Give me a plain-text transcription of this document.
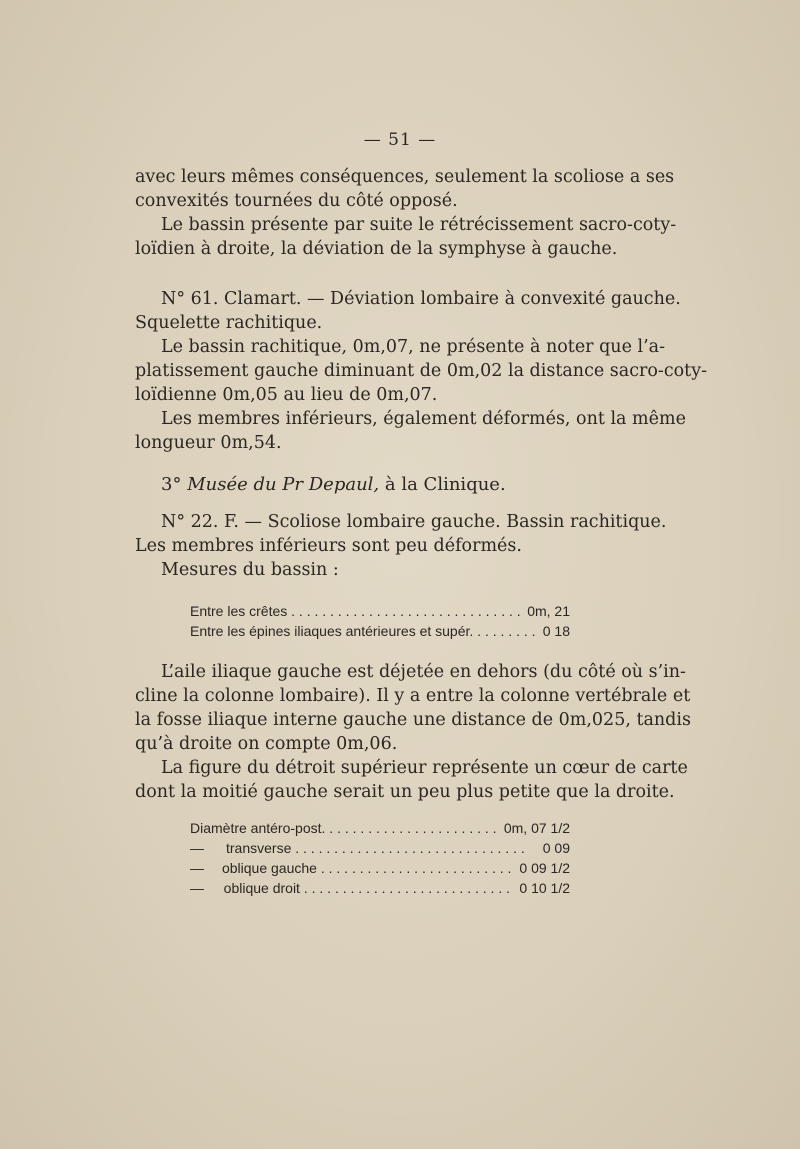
— 51 —
avec leurs mêmes conséquences, seulement la scoliose a ses
convexités tournées du côté opposé.
Le bassin présente par suite le rétrécissement sacro-coty-
loïdien à droite, la déviation de la symphyse à gauche.
N° 61. Clamart. — Déviation lombaire à convexité gauche.
Squelette rachitique.
Le bassin rachitique, 0m,07, ne présente à noter que l’a-
platissement gauche diminuant de 0m,02 la distance sacro-coty-
loïdienne 0m,05 au lieu de 0m,07.
Les membres inférieurs, également déformés, ont la même
longueur 0m,54.
3° Musée du Pr Depaul, à la Clinique.
N° 22. F. — Scoliose lombaire gauche. Bassin rachitique.
Les membres inférieurs sont peu déformés.
Mesures du bassin :
Entre les crêtes . . .	0m, 21
Entre les épines iliaques antérieures et supér. . . .	0 18
L’aile iliaque gauche est déjetée en dehors (du côté où s’in-
cline la colonne lombaire). Il y a entre la colonne vertébrale et
la fosse iliaque interne gauche une distance de 0m,025, tandis
qu’à droite on compte 0m,06.
La figure du détroit supérieur représente un cœur de carte
dont la moitié gauche serait un peu plus petite que la droite.
Diamètre antéro-post. . . .	0m, 07 1/2
—	transverse . . .	0 09
—	oblique gauche . . .	0 09 1/2
—	oblique droit . . .	0 10 1/2
